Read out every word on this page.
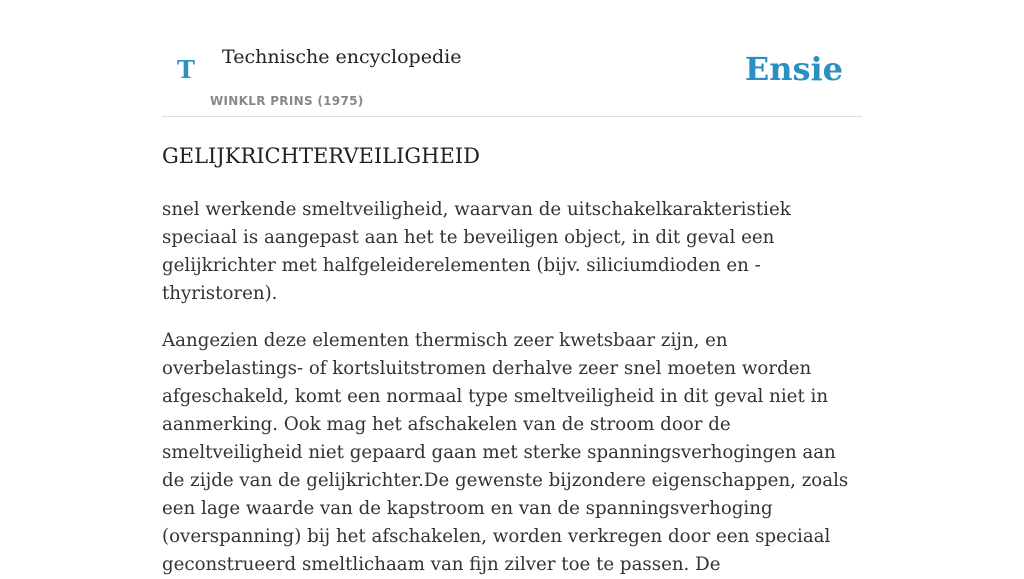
T Technische encyclopedie
WINKLR PRINS (1975)
Ensie
GELIJKRICHTERVEILIGHEID

snel werkende smeltveiligheid, waarvan de uitschakelkarakteristiek speciaal is aangepast aan het te beveiligen object, in dit geval een gelijkrichter met halfgeleiderelementen (bijv. siliciumdioden en -thyristoren).

Aangezien deze elementen thermisch zeer kwetsbaar zijn, en overbelastings- of kortsluitstromen derhalve zeer snel moeten worden afgeschakeld, komt een normaal type smeltveiligheid in dit geval niet in aanmerking. Ook mag het afschakelen van de stroom door de smeltveiligheid niet gepaard gaan met sterke spanningsverhogingen aan de zijde van de gelijkrichter.De gewenste bijzondere eigenschappen, zoals een lage waarde van de kapstroom en van de spanningsverhoging (overspanning) bij het afschakelen, worden verkregen door een speciaal geconstrueerd smeltlichaam van fijn zilver toe te passen. De
